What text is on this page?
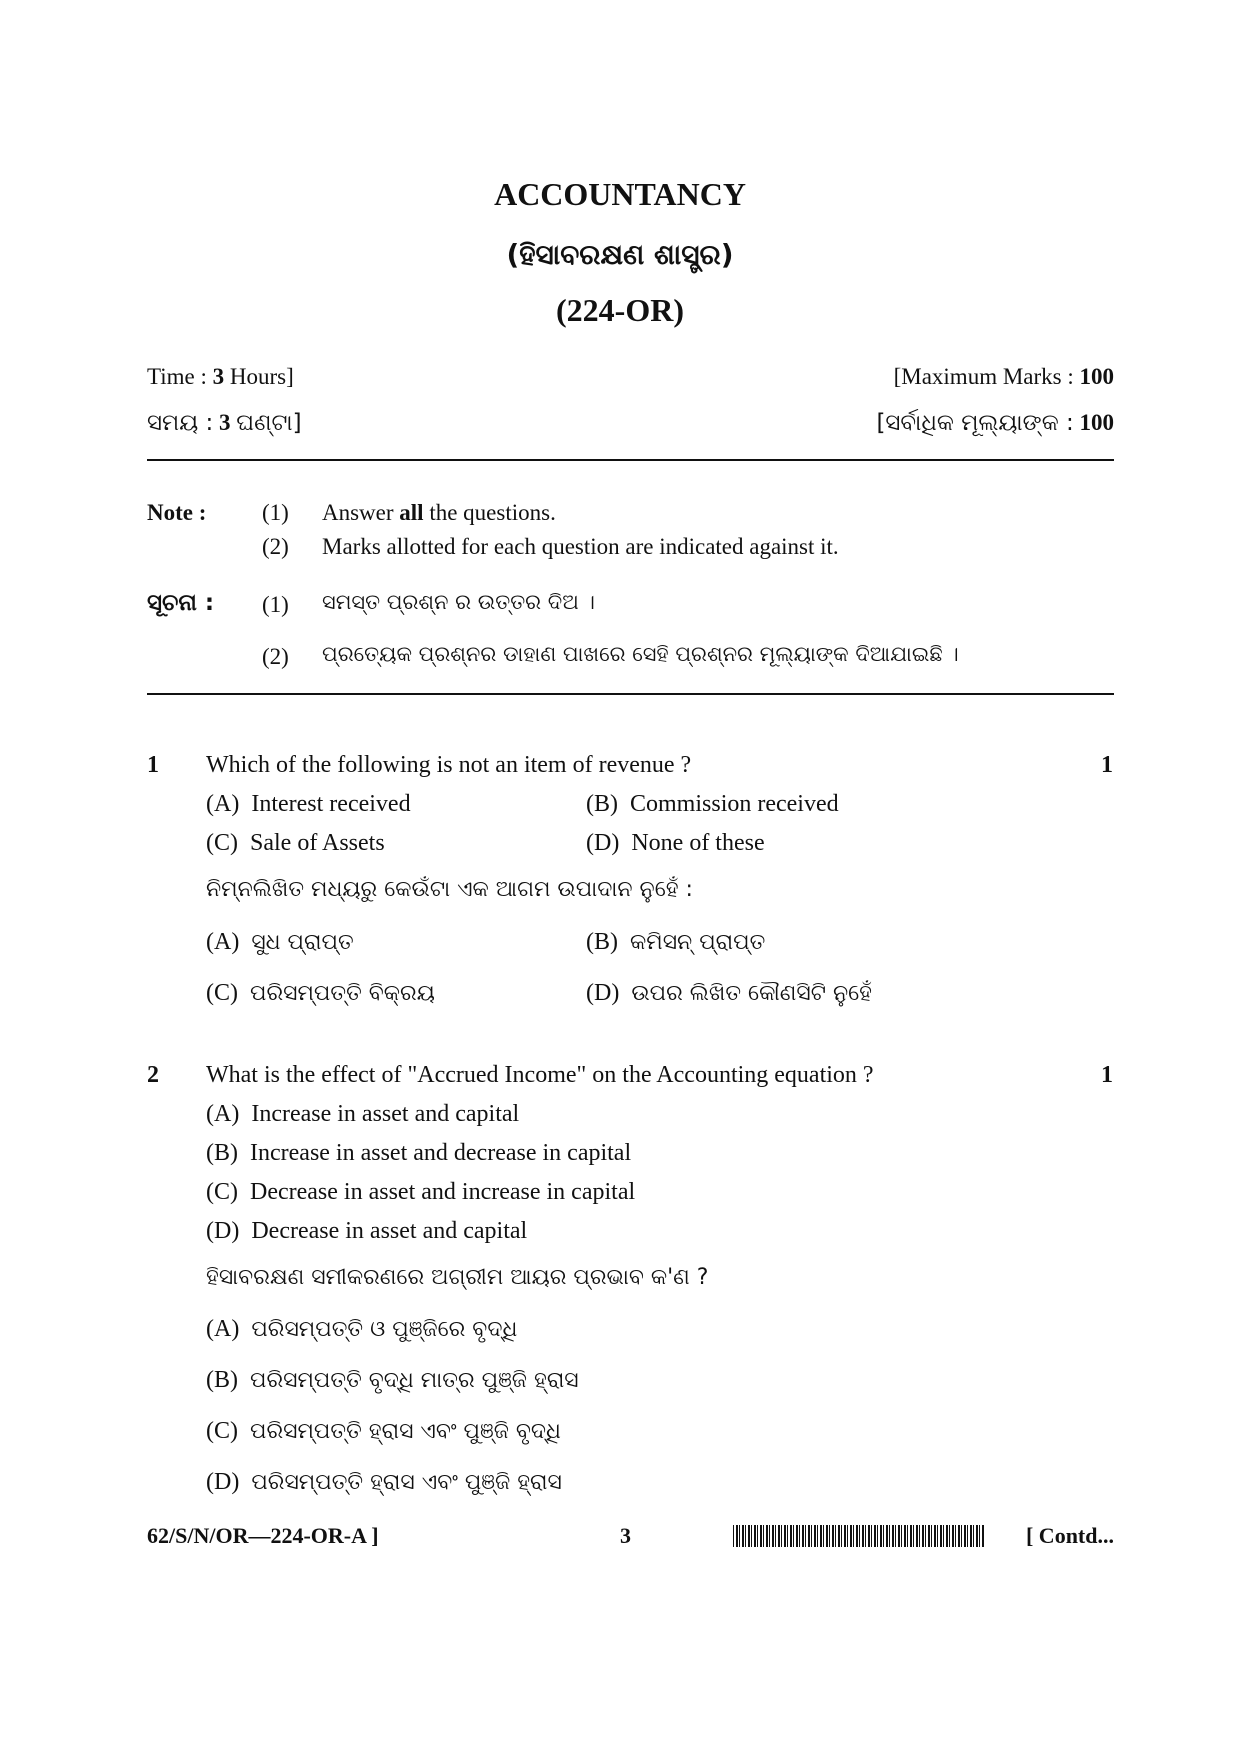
ACCOUNTANCY
(ହିସାବରକ୍ଷଣ ଶାସ୍ତ୍ର)
(224-OR)
Time : 3 Hours]	[Maximum Marks : 100
ସମୟ : 3 ଘଣ୍ଟା]	[ସର୍ବାଧିକ ମୂଲ୍ୟାଙ୍କ : 100
Note : (1) Answer all the questions.
(2) Marks allotted for each question are indicated against it.
ସୂଚନା : (1) ସମସ୍ତ ପ୍ରଶ୍ନ ର ଉତ୍ତର ଦିଅ ।
(2) ପ୍ରତ୍ୟେକ ପ୍ରଶ୍ନର ଡାହାଣ ପାଖରେ ସେହି ପ୍ରଶ୍ନର ମୂଲ୍ୟାଙ୍କ ଦିଆଯାଇଛି ।
1 Which of the following is not an item of revenue ?	1
(A) Interest received	(B) Commission received
(C) Sale of Assets	(D) None of these
ନିମ୍ନଲିଖିତ ମଧ୍ୟରୁ କେଉଁଟା ଏକ ଆଗମ ଉପାଦାନ ନୁହେଁ :
(A) ସୁଧ ପ୍ରାପ୍ତ	(B) କମିସନ୍ ପ୍ରାପ୍ତ
(C) ପରିସମ୍ପତ୍ତି ବିକ୍ରୟ	(D) ଉପର ଲିଖିତ କୌଣସିଟି ନୁହେଁ
2 What is the effect of "Accrued Income" on the Accounting equation ?	1
(A) Increase in asset and capital
(B) Increase in asset and decrease in capital
(C) Decrease in asset and increase in capital
(D) Decrease in asset and capital
ହିସାବରକ୍ଷଣ ସମୀକରଣରେ ଅଗ୍ରୀମ ଆୟର ପ୍ରଭାବ କ'ଣ ?
(A) ପରିସମ୍ପତ୍ତି ଓ ପୁଞ୍ଜିରେ ବୃଦ୍ଧି
(B) ପରିସମ୍ପତ୍ତି ବୃଦ୍ଧି ମାତ୍ର ପୁଞ୍ଜି ହ୍ରାସ
(C) ପରିସମ୍ପତ୍ତି ହ୍ରାସ ଏବଂ ପୁଞ୍ଜି ବୃଦ୍ଧି
(D) ପରିସମ୍ପତ୍ତି ହ୍ରାସ ଏବଂ ପୁଞ୍ଜି ହ୍ରାସ
62/S/N/OR—224-OR-A ]	3	[ Contd...
